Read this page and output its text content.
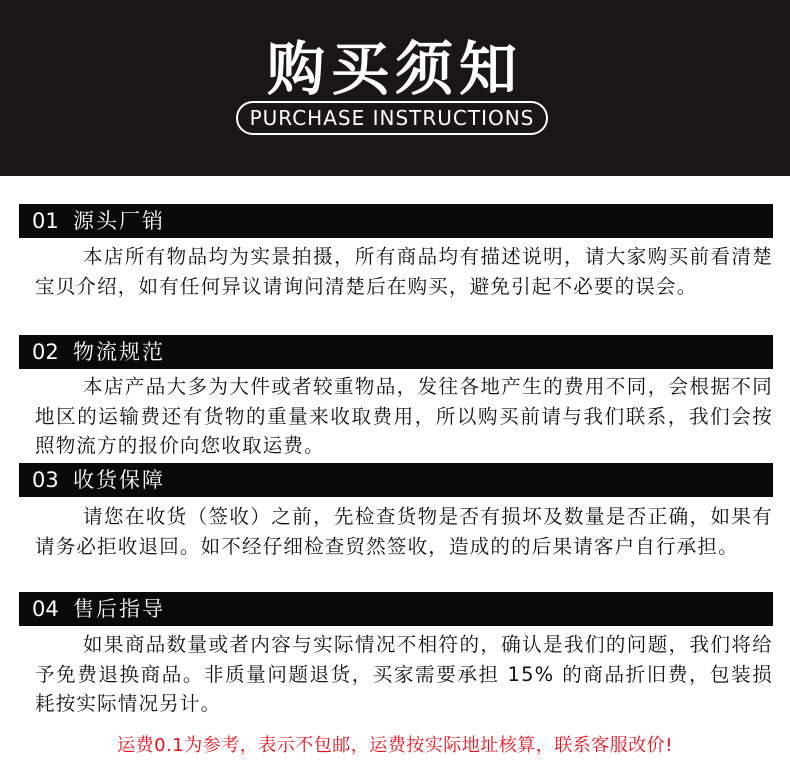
购买须知
PURCHASE INSTRUCTIONS
01 源头厂销
本店所有物品均为实景拍摄，所有商品均有描述说明，请大家购买前看清楚宝贝介绍，如有任何异议请询问清楚后在购买，避免引起不必要的误会。
02 物流规范
本店产品大多为大件或者较重物品，发往各地产生的费用不同，会根据不同地区的运输费还有货物的重量来收取费用，所以购买前请与我们联系，我们会按照物流方的报价向您收取运费。
03 收货保障
请您在收货（签收）之前，先检查货物是否有损坏及数量是否正确，如果有请务必拒收退回。如不经仔细检查贸然签收，造成的的后果请客户自行承担。
04 售后指导
如果商品数量或者内容与实际情况不相符的，确认是我们的问题，我们将给予免费退换商品。非质量问题退货，买家需要承担 15% 的商品折旧费，包装损耗按实际情况另计。
运费0.1为参考，表示不包邮，运费按实际地址核算，联系客服改价!
